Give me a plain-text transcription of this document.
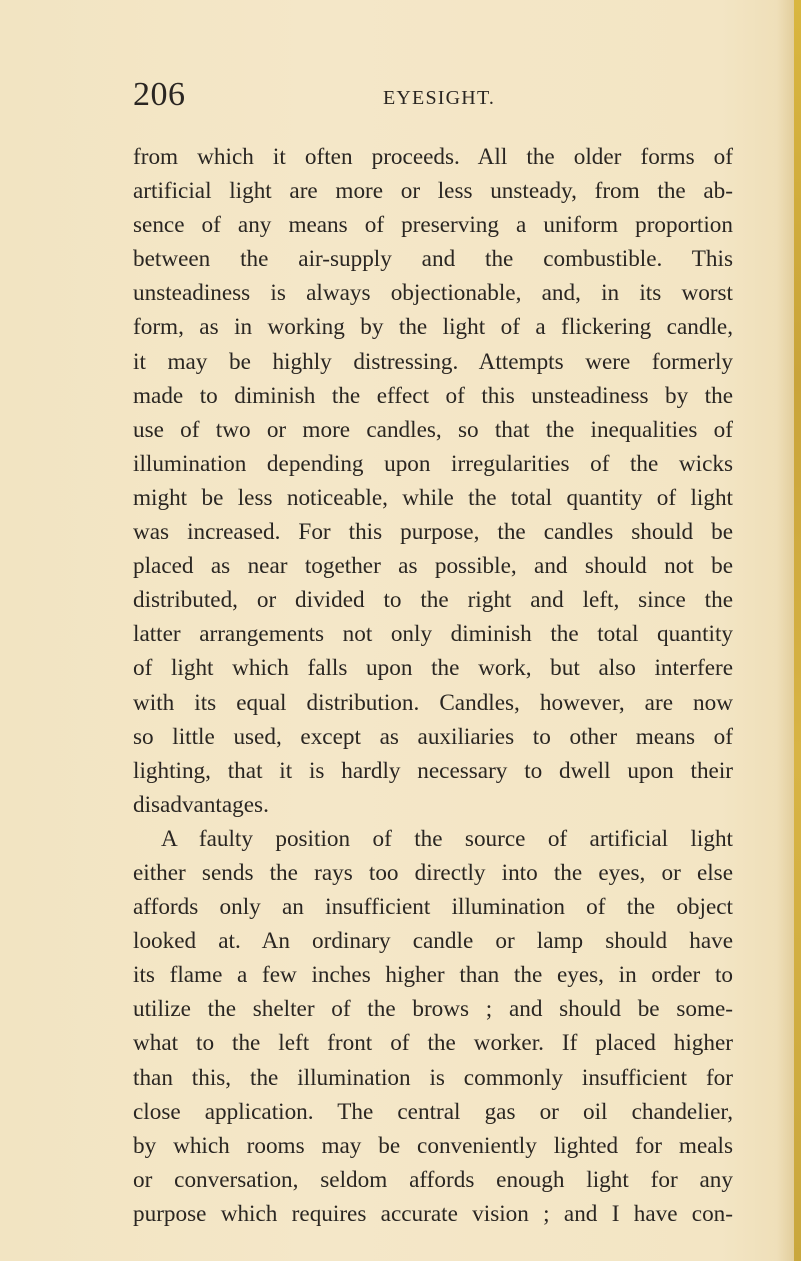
206	EYESIGHT.
from which it often proceeds. All the older forms of
artificial light are more or less unsteady, from the ab-
sence of any means of preserving a uniform proportion
between the air-supply and the combustible. This
unsteadiness is always objectionable, and, in its worst
form, as in working by the light of a flickering candle,
it may be highly distressing. Attempts were formerly
made to diminish the effect of this unsteadiness by the
use of two or more candles, so that the inequalities of
illumination depending upon irregularities of the wicks
might be less noticeable, while the total quantity of light
was increased. For this purpose, the candles should be
placed as near together as possible, and should not be
distributed, or divided to the right and left, since the
latter arrangements not only diminish the total quantity
of light which falls upon the work, but also interfere
with its equal distribution. Candles, however, are now
so little used, except as auxiliaries to other means of
lighting, that it is hardly necessary to dwell upon their
disadvantages.
A faulty position of the source of artificial light
either sends the rays too directly into the eyes, or else
affords only an insufficient illumination of the object
looked at. An ordinary candle or lamp should have
its flame a few inches higher than the eyes, in order to
utilize the shelter of the brows ; and should be some-
what to the left front of the worker. If placed higher
than this, the illumination is commonly insufficient for
close application. The central gas or oil chandelier,
by which rooms may be conveniently lighted for meals
or conversation, seldom affords enough light for any
purpose which requires accurate vision ; and I have con-
